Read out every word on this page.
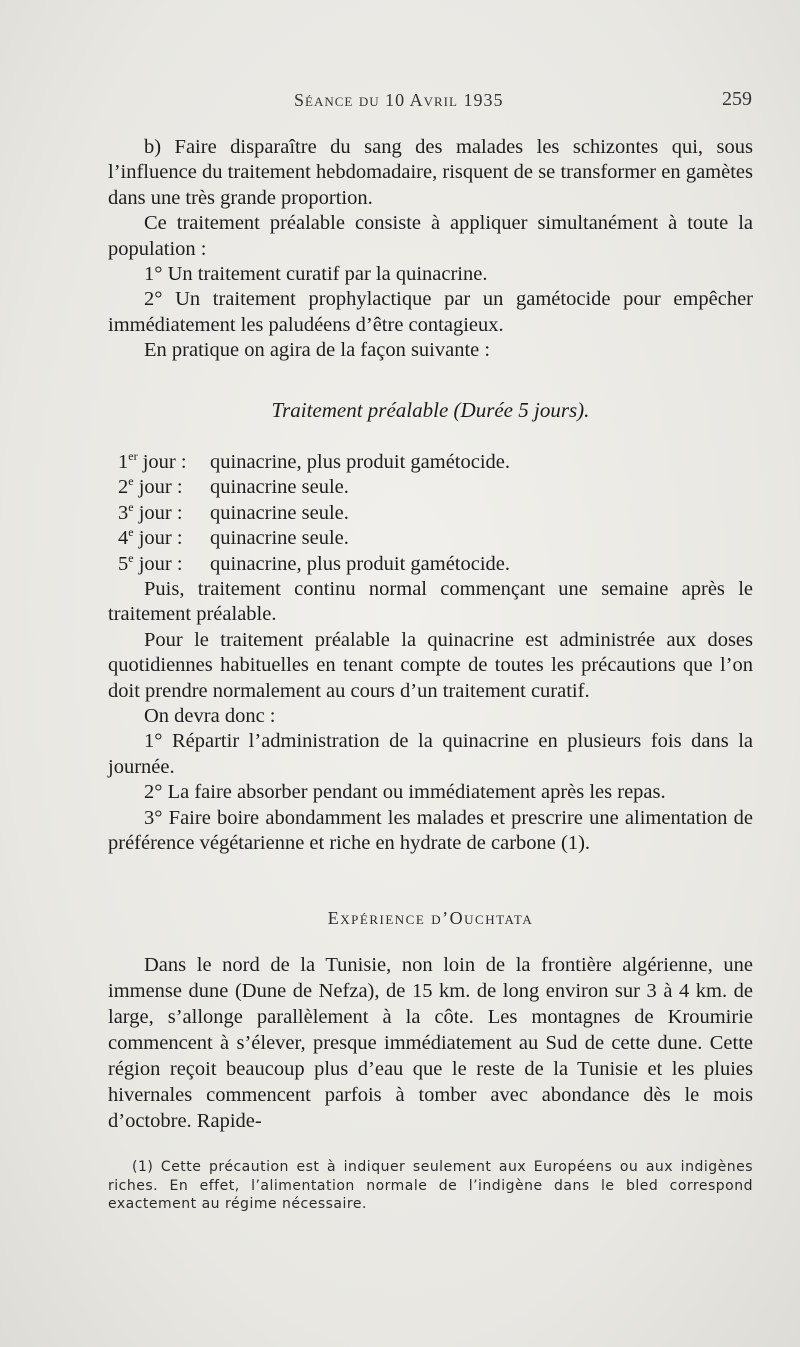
Séance du 10 Avril 1935	259

b) Faire disparaître du sang des malades les schizontes qui, sous l’influence du traitement hebdomadaire, risquent de se transformer en gamètes dans une très grande proportion.

Ce traitement préalable consiste à appliquer simultanément à toute la population :

1° Un traitement curatif par la quinacrine.

2° Un traitement prophylactique par un gamétocide pour empêcher immédiatement les paludéens d’être contagieux.

En pratique on agira de la façon suivante :

Traitement préalable (Durée 5 jours).

1er jour : quinacrine, plus produit gamétocide.

2e jour : quinacrine seule.

3e jour : quinacrine seule.

4e jour : quinacrine seule.

5e jour : quinacrine, plus produit gamétocide.

Puis, traitement continu normal commençant une semaine après le traitement préalable.

Pour le traitement préalable la quinacrine est administrée aux doses quotidiennes habituelles en tenant compte de toutes les précautions que l’on doit prendre normalement au cours d’un traitement curatif.

On devra donc :

1° Répartir l’administration de la quinacrine en plusieurs fois dans la journée.

2° La faire absorber pendant ou immédiatement après les repas.

3° Faire boire abondamment les malades et prescrire une alimentation de préférence végétarienne et riche en hydrate de carbone (1).

Expérience d’Ouchtata

Dans le nord de la Tunisie, non loin de la frontière algérienne, une immense dune (Dune de Nefza), de 15 km. de long environ sur 3 à 4 km. de large, s’allonge parallèlement à la côte. Les montagnes de Kroumirie commencent à s’élever, presque immédiatement au Sud de cette dune. Cette région reçoit beaucoup plus d’eau que le reste de la Tunisie et les pluies hivernales commencent parfois à tomber avec abondance dès le mois d’octobre. Rapide-

(1) Cette précaution est à indiquer seulement aux Européens ou aux indigènes riches. En effet, l’alimentation normale de l’indigène dans le bled correspond exactement au régime nécessaire.
